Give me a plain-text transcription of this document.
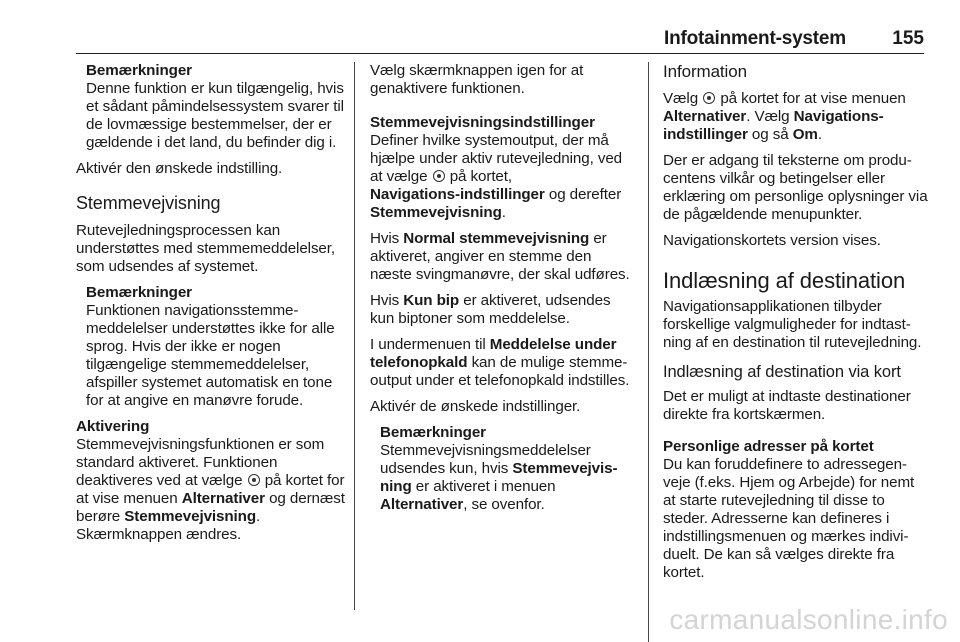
Infotainment-system 155
Bemærkninger
Denne funktion er kun tilgængelig, hvis et sådant påmindelsessystem svarer til de lovmæssige bestemmelser, der er gældende i det land, du befinder dig i.

Aktivér den ønskede indstilling.

Stemmevejvisning

Rutevejledningsprocessen kan understøttes med stemmemeddelelser, som udsendes af systemet.

Bemærkninger
Funktionen navigationsstemmemeddelelser understøttes ikke for alle sprog. Hvis der ikke er nogen tilgængelige stemmemeddelelser, afspiller systemet automatisk en tone for at angive en manøvre forude.
Aktivering

Stemmevejvisningsfunktionen er som standard aktiveret. Funktionen deaktiveres ved at vælge på kortet for at vise menuen Alternativer og dernæst berøre Stemmevejvisning. Skærmknappen ændres.

Vælg skærmknappen igen for at genaktivere funktionen.

Stemmevejvisningsindstillinger

Definer hvilke systemoutput, der må hjælpe under aktiv rutevejledning, ved at vælge på kortet,
Navigations-indstillinger og derefter Stemmevejvisning.

Hvis Normal stemmevejvisning er aktiveret, angiver en stemme den næste svingmanøvre, der skal udføres.

Hvis Kun bip er aktiveret, udsendes kun biptoner som meddelelse.

I undermenuen til Meddelelse under telefonopkald kan de mulige stemmeoutput under et telefonopkald indstilles.

Aktivér de ønskede indstillinger.

Bemærkninger
Stemmevejvisningsmeddelelser udsendes kun, hvis Stemmevejvisning er aktiveret i menuen Alternativer, se ovenfor.
Information

Vælg på kortet for at vise menuen
Alternativer. Vælg Navigationsindstillinger og så Om.

Der er adgang til teksterne om producentens vilkår og betingelser eller erklæring om personlige oplysninger via de pågældende menupunkter.

Navigationskortets version vises.

Indlæsning af destination

Navigationsapplikationen tilbyder forskellige valgmuligheder for indtastning af en destination til rutevejledning.

Indlæsning af destination via kort

Det er muligt at indtaste destinationer direkte fra kortskærmen.

Personlige adresser på kortet

Du kan foruddefinere to adressegenveje (f.eks. Hjem og Arbejde) for nemt at starte rutevejledning til disse to steder. Adresserne kan defineres i indstillingsmenuen og mærkes individuelt. De kan så vælges direkte fra kortet.

carmanualsonline.info
